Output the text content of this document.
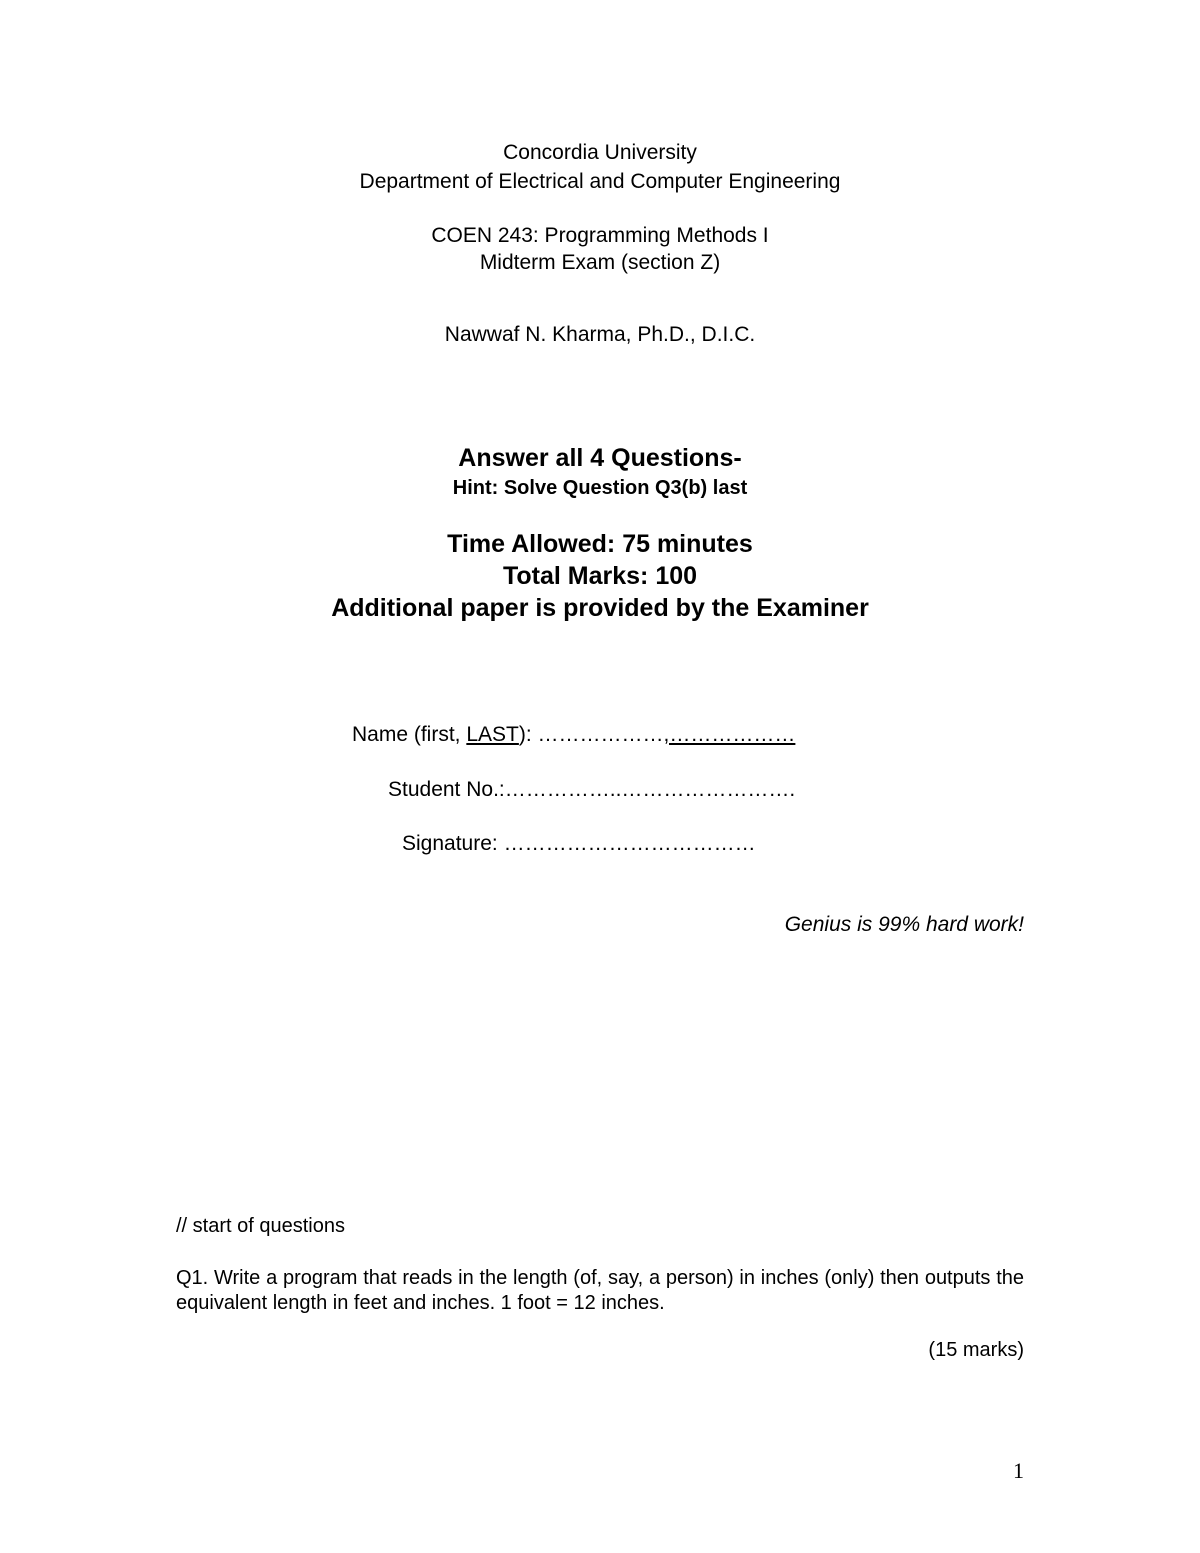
Concordia University

Department of Electrical and Computer Engineering

COEN 243: Programming Methods I

Midterm Exam (section Z)

Nawwaf N. Kharma, Ph.D., D.I.C.

Answer all 4 Questions-

Hint: Solve Question Q3(b) last

Time Allowed: 75 minutes

Total Marks: 100

Additional paper is provided by the Examiner

Name (first, LAST): ………………,………………

Student No.:……………..…………………….

Signature: ………………………………

Genius is 99% hard work!

// start of questions

Q1. Write a program that reads in the length (of, say, a person) in inches (only) then outputs the equivalent length in feet and inches. 1 foot = 12 inches.

(15 marks)

1
